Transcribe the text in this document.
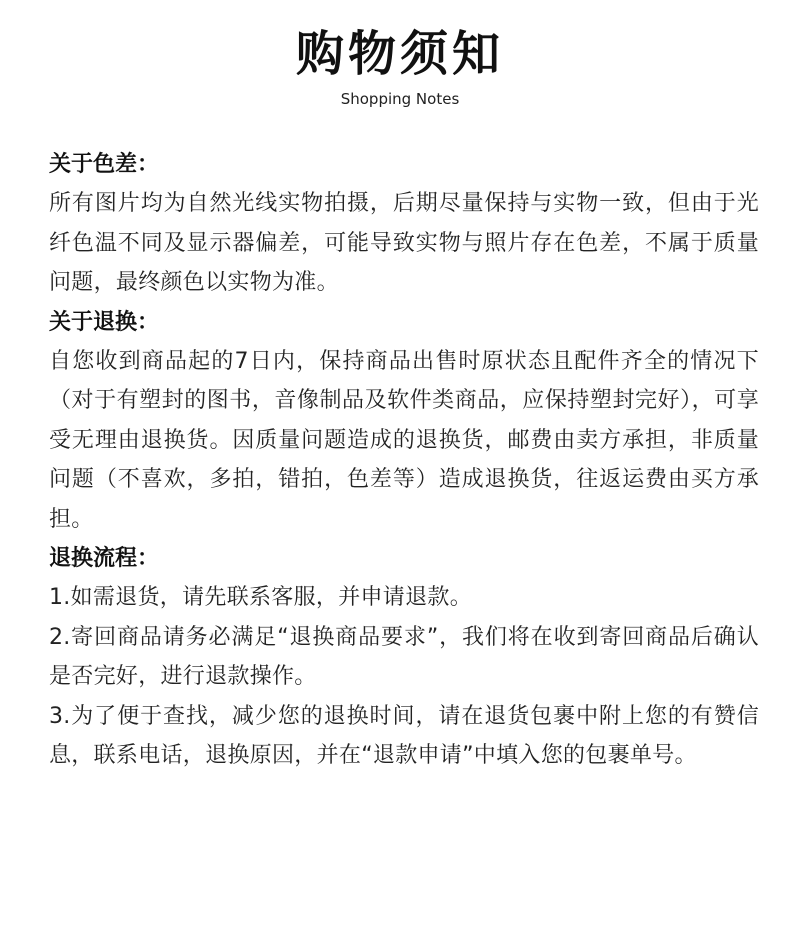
购物须知
Shopping Notes
关于色差：

所有图片均为自然光线实物拍摄，后期尽量保持与实物一致，但由于光纤色温不同及显示器偏差，可能导致实物与照片存在色差，不属于质量问题，最终颜色以实物为准。

关于退换：

自您收到商品起的7日内，保持商品出售时原状态且配件齐全的情况下（对于有塑封的图书，音像制品及软件类商品，应保持塑封完好），可享受无理由退换货。因质量问题造成的退换货，邮费由卖方承担，非质量问题（不喜欢，多拍，错拍，色差等）造成退换货，往返运费由买方承担。

退换流程：

1.如需退货，请先联系客服，并申请退款。

2.寄回商品请务必满足“退换商品要求”，我们将在收到寄回商品后确认是否完好，进行退款操作。

3.为了便于查找，减少您的退换时间，请在退货包裹中附上您的有赞信息，联系电话，退换原因，并在“退款申请”中填入您的包裹单号。
